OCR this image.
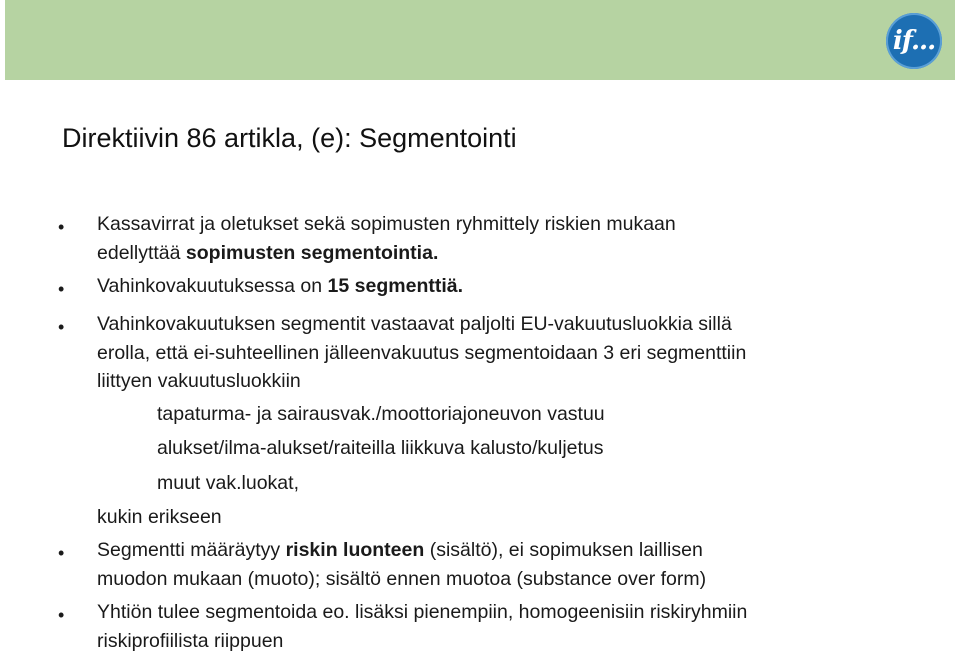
if...
Direktiivin 86 artikla, (e): Segmentointi
•
Kassavirrat ja oletukset sekä sopimusten ryhmittely riskien mukaan
edellyttää sopimusten segmentointia.
•
Vahinkovakuutuksessa on 15 segmenttiä.
•
Vahinkovakuutuksen segmentit vastaavat paljolti EU-vakuutusluokkia sillä
erolla, että ei-suhteellinen jälleenvakuutus segmentoidaan 3 eri segmenttiin
liittyen vakuutusluokkiin
tapaturma- ja sairausvak./moottoriajoneuvon vastuu
alukset/ilma-alukset/raiteilla liikkuva kalusto/kuljetus
muut vak.luokat,
kukin erikseen
•
Segmentti määräytyy riskin luonteen (sisältö), ei sopimuksen laillisen
muodon mukaan (muoto); sisältö ennen muotoa (substance over form)
•
Yhtiön tulee segmentoida eo. lisäksi pienempiin, homogeenisiin riskiryhmiin
riskiprofiilista riippuen
